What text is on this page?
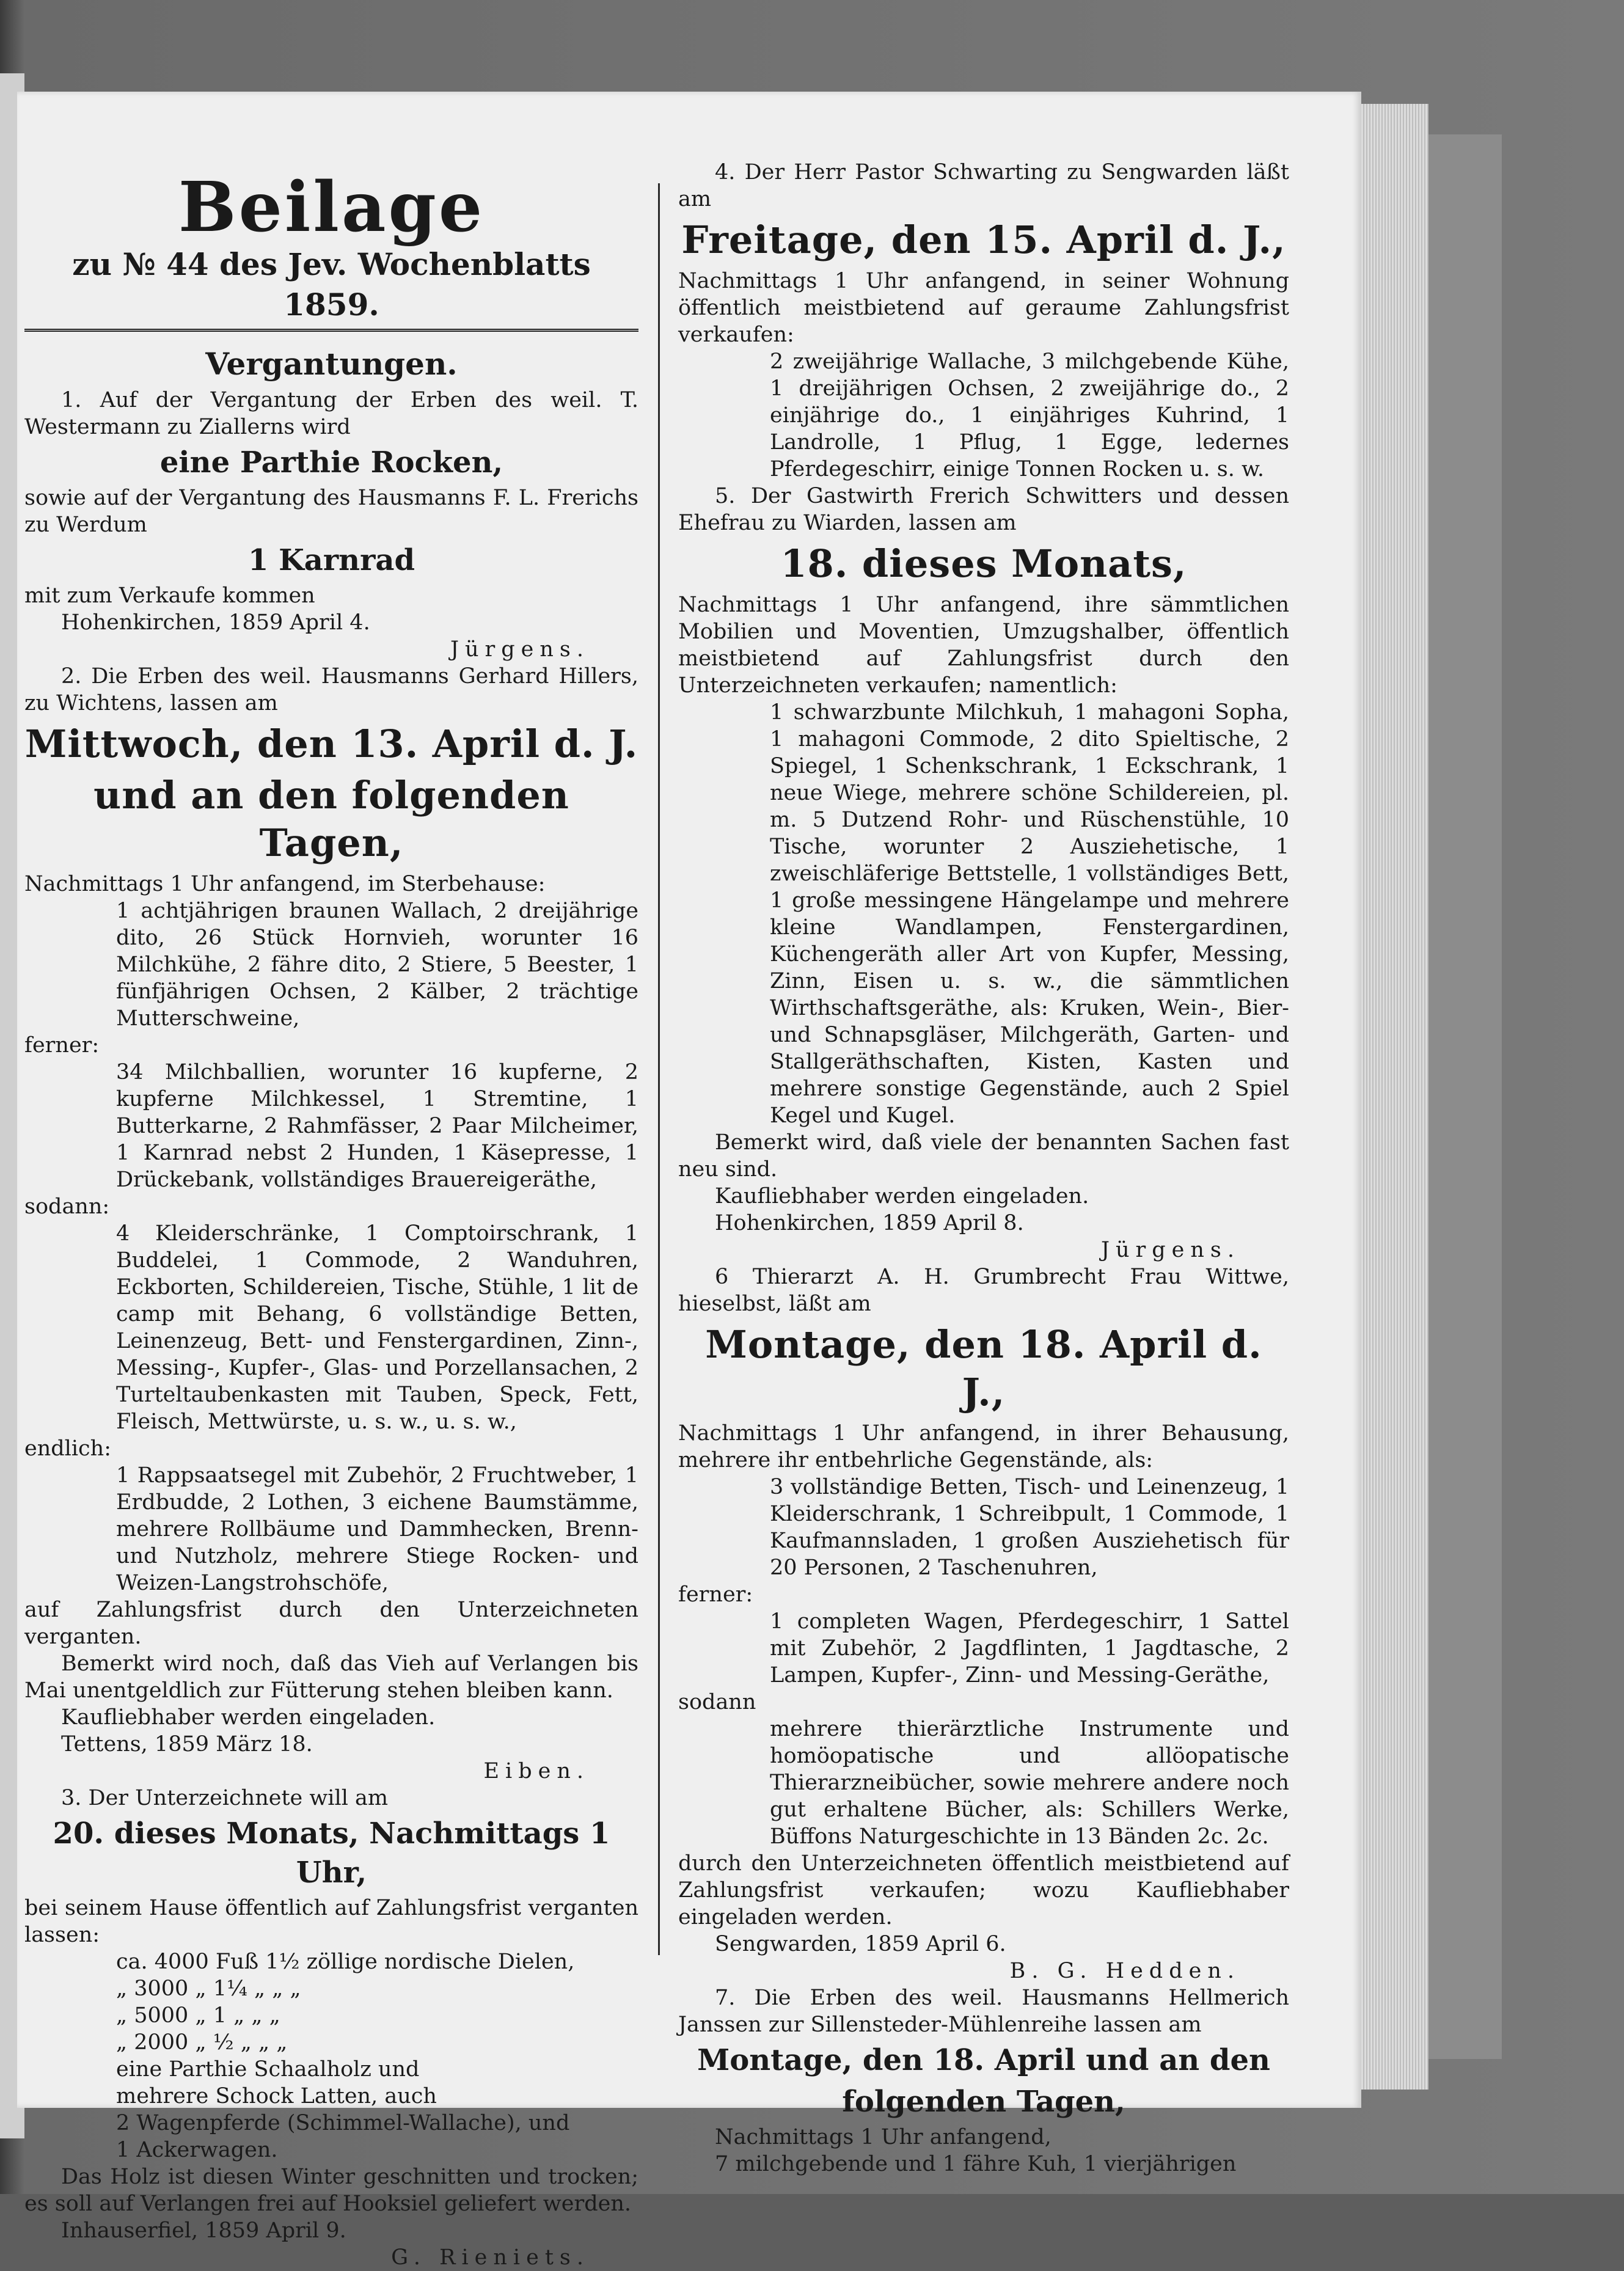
Beilage
zu № 44 des Jev. Wochenblatts 1859.
Vergantungen.

1. Auf der Vergantung der Erben des weil. T. Westermann zu Ziallerns wird

eine Parthie Rocken,

sowie auf der Vergantung des Hausmanns F. L. Frerichs zu Werdum

1 Karnrad

mit zum Verkaufe kommen

Hohenkirchen, 1859 April 4.

Jürgens.

2. Die Erben des weil. Hausmanns Gerhard Hillers, zu Wichtens, lassen am

Mittwoch, den 13. April d. J.
und an den folgenden Tagen,

Nachmittags 1 Uhr anfangend, im Sterbehause:

1 achtjährigen braunen Wallach, 2 dreijährige dito, 26 Stück Hornvieh, worunter 16 Milchkühe, 2 fähre dito, 2 Stiere, 5 Beester, 1 fünfjährigen Ochsen, 2 Kälber, 2 trächtige Mutterschweine,

ferner:

34 Milchballien, worunter 16 kupferne, 2 kupferne Milchkessel, 1 Stremtine, 1 Butterkarne, 2 Rahmfässer, 2 Paar Milcheimer, 1 Karnrad nebst 2 Hunden, 1 Käsepresse, 1 Drückebank, vollständiges Brauereigeräthe,

sodann:

4 Kleiderschränke, 1 Comptoirschrank, 1 Buddelei, 1 Commode, 2 Wanduhren, Eckborten, Schildereien, Tische, Stühle, 1 lit de camp mit Behang, 6 vollständige Betten, Leinenzeug, Bett- und Fenstergardinen, Zinn-, Messing-, Kupfer-, Glas- und Porzellansachen, 2 Turteltaubenkasten mit Tauben, Speck, Fett, Fleisch, Mettwürste, u. s. w., u. s. w.,

endlich:

1 Rappsaatsegel mit Zubehör, 2 Fruchtweber, 1 Erdbudde, 2 Lothen, 3 eichene Baumstämme, mehrere Rollbäume und Dammhecken, Brenn- und Nutzholz, mehrere Stiege Rocken- und Weizen-Langstrohschöfe,

auf Zahlungsfrist durch den Unterzeichneten verganten.

Bemerkt wird noch, daß das Vieh auf Verlangen bis Mai unentgeldlich zur Fütterung stehen bleiben kann.

Kaufliebhaber werden eingeladen.

Tettens, 1859 März 18.

Eiben.

3. Der Unterzeichnete will am

20. dieses Monats, Nachmittags 1 Uhr,

bei seinem Hause öffentlich auf Zahlungsfrist verganten lassen:

ca. 4000 Fuß 1½ zöllige nordische Dielen,

„ 3000 „ 1¼ „ „ „

„ 5000 „ 1 „ „ „

„ 2000 „ ½ „ „ „

eine Parthie Schaalholz und

mehrere Schock Latten, auch

2 Wagenpferde (Schimmel-Wallache), und

1 Ackerwagen.

Das Holz ist diesen Winter geschnitten und trocken; es soll auf Verlangen frei auf Hooksiel geliefert werden.

Inhauserfiel, 1859 April 9.

G. Rieniets.

4. Der Herr Pastor Schwarting zu Sengwarden läßt am

Freitage, den 15. April d. J.,

Nachmittags 1 Uhr anfangend, in seiner Wohnung öffentlich meistbietend auf geraume Zahlungsfrist verkaufen:

2 zweijährige Wallache, 3 milchgebende Kühe, 1 dreijährigen Ochsen, 2 zweijährige do., 2 einjährige do., 1 einjähriges Kuhrind, 1 Landrolle, 1 Pflug, 1 Egge, ledernes Pferdegeschirr, einige Tonnen Rocken u. s. w.

5. Der Gastwirth Frerich Schwitters und dessen Ehefrau zu Wiarden, lassen am

18. dieses Monats,

Nachmittags 1 Uhr anfangend, ihre sämmtlichen Mobilien und Moventien, Umzugshalber, öffentlich meistbietend auf Zahlungsfrist durch den Unterzeichneten verkaufen; namentlich:

1 schwarzbunte Milchkuh, 1 mahagoni Sopha, 1 mahagoni Commode, 2 dito Spieltische, 2 Spiegel, 1 Schenkschrank, 1 Eckschrank, 1 neue Wiege, mehrere schöne Schildereien, pl. m. 5 Dutzend Rohr- und Rüschenstühle, 10 Tische, worunter 2 Ausziehetische, 1 zweischläferige Bettstelle, 1 vollständiges Bett, 1 große messingene Hängelampe und mehrere kleine Wandlampen, Fenstergardinen, Küchengeräth aller Art von Kupfer, Messing, Zinn, Eisen u. s. w., die sämmtlichen Wirthschaftsgeräthe, als: Kruken, Wein-, Bier- und Schnapsgläser, Milchgeräth, Garten- und Stallgeräthschaften, Kisten, Kasten und mehrere sonstige Gegenstände, auch 2 Spiel Kegel und Kugel.

Bemerkt wird, daß viele der benannten Sachen fast neu sind.

Kaufliebhaber werden eingeladen.

Hohenkirchen, 1859 April 8.

Jürgens.

6 Thierarzt A. H. Grumbrecht Frau Wittwe, hieselbst, läßt am

Montage, den 18. April d. J.,

Nachmittags 1 Uhr anfangend, in ihrer Behausung, mehrere ihr entbehrliche Gegenstände, als:

3 vollständige Betten, Tisch- und Leinenzeug, 1 Kleiderschrank, 1 Schreibpult, 1 Commode, 1 Kaufmannsladen, 1 großen Ausziehetisch für 20 Personen, 2 Taschenuhren,

ferner:

1 completen Wagen, Pferdegeschirr, 1 Sattel mit Zubehör, 2 Jagdflinten, 1 Jagdtasche, 2 Lampen, Kupfer-, Zinn- und Messing-Geräthe,

sodann

mehrere thierärztliche Instrumente und homöopatische und allöopatische Thierarzneibücher, sowie mehrere andere noch gut erhaltene Bücher, als: Schillers Werke, Büffons Naturgeschichte in 13 Bänden 2c. 2c.

durch den Unterzeichneten öffentlich meistbietend auf Zahlungsfrist verkaufen; wozu Kaufliebhaber eingeladen werden.

Sengwarden, 1859 April 6.

B. G. Hedden.

7. Die Erben des weil. Hausmanns Hellmerich Janssen zur Sillensteder-Mühlenreihe lassen am

Montage, den 18. April und an den
folgenden Tagen,

Nachmittags 1 Uhr anfangend,

7 milchgebende und 1 fähre Kuh, 1 vierjährigen
